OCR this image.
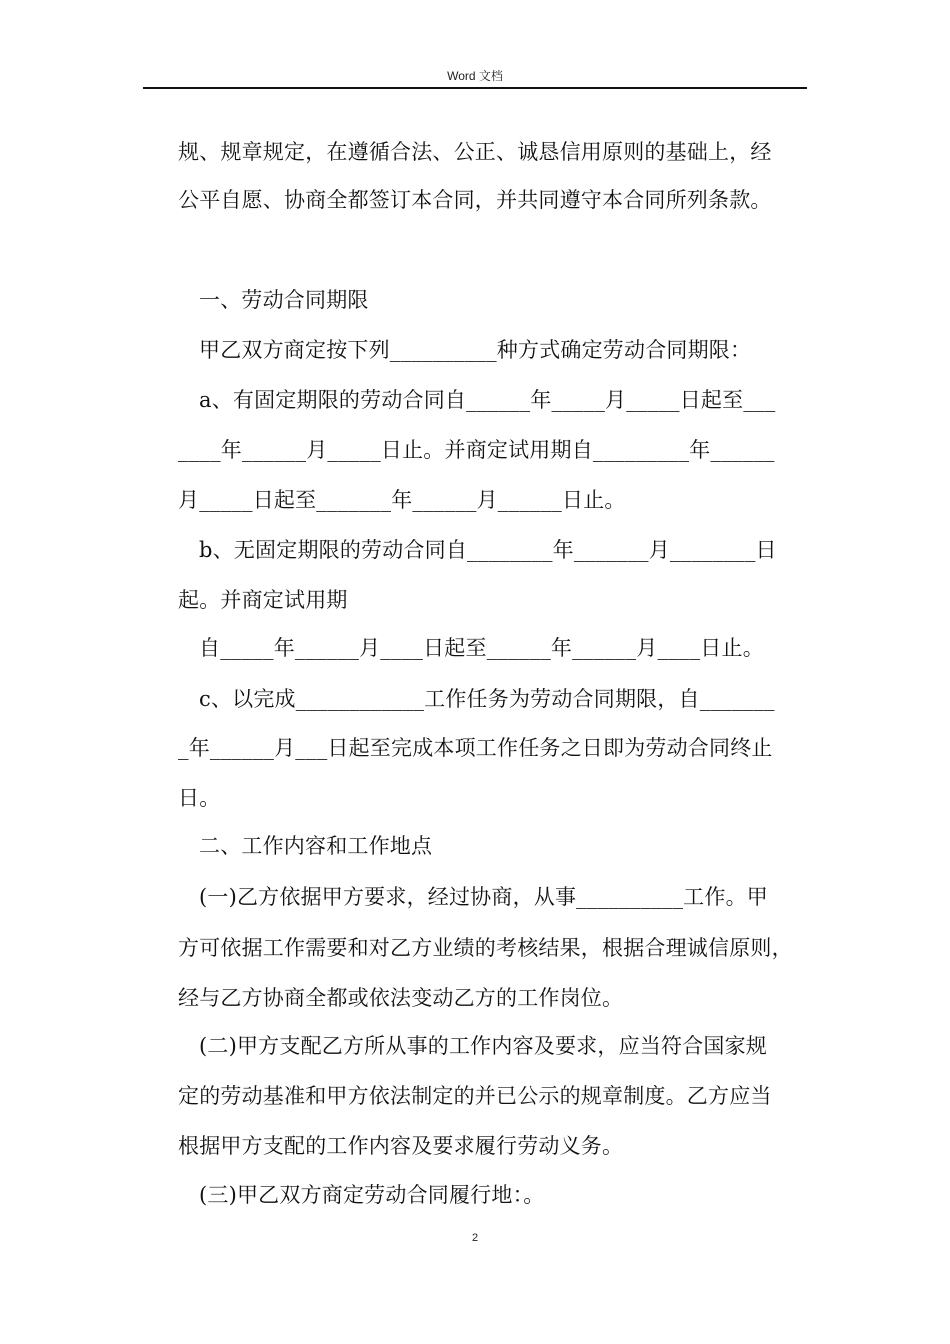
Word 文档
规、规章规定，在遵循合法、公正、诚恳信用原则的基础上，经
公平自愿、协商全都签订本合同，并共同遵守本合同所列条款。
一、劳动合同期限
甲乙双方商定按下列__________种方式确定劳动合同期限：
a、有固定期限的劳动合同自______年_____月_____日起至___
____年______月_____日止。并商定试用期自_________年______
月_____日起至_______年______月______日止。
b、无固定期限的劳动合同自________年_______月________日
起。并商定试用期
自_____年______月____日起至______年______月____日止。
c、以完成____________工作任务为劳动合同期限，自_______
_年______月___日起至完成本项工作任务之日即为劳动合同终止
日。
二、工作内容和工作地点
(一)乙方依据甲方要求，经过协商，从事__________工作。甲
方可依据工作需要和对乙方业绩的考核结果，根据合理诚信原则，
经与乙方协商全都或依法变动乙方的工作岗位。
(二)甲方支配乙方所从事的工作内容及要求，应当符合国家规
定的劳动基准和甲方依法制定的并已公示的规章制度。乙方应当
根据甲方支配的工作内容及要求履行劳动义务。
(三)甲乙双方商定劳动合同履行地：。
2
